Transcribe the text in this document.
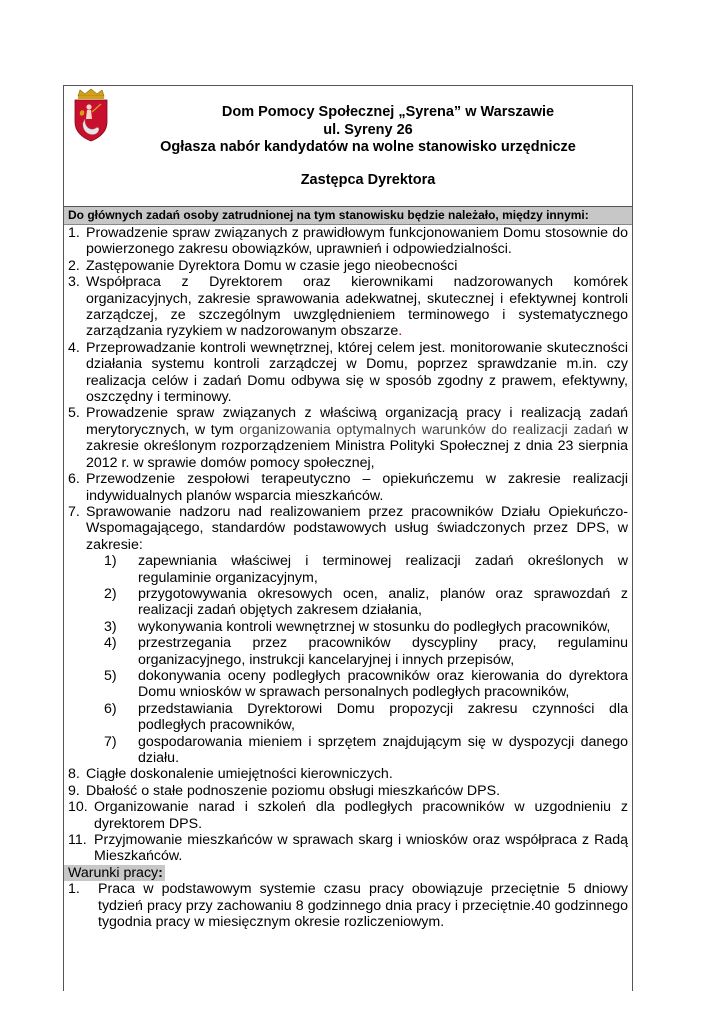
Dom Pomocy Społecznej „Syrena” w Warszawie
ul. Syreny 26
Ogłasza nabór kandydatów na wolne stanowisko urzędnicze
Zastępca Dyrektora
Do głównych zadań osoby zatrudnionej na tym stanowisku będzie należało, między innymi:
1. Prowadzenie spraw związanych z prawidłowym funkcjonowaniem Domu stosownie do powierzonego zakresu obowiązków, uprawnień i odpowiedzialności.
2. Zastępowanie Dyrektora Domu w czasie jego nieobecności
3. Współpraca z Dyrektorem oraz kierownikami nadzorowanych komórek organizacyjnych, zakresie sprawowania adekwatnej, skutecznej i efektywnej kontroli zarządczej, ze szczególnym uwzględnieniem terminowego i systematycznego zarządzania ryzykiem w nadzorowanym obszarze.
4. Przeprowadzanie kontroli wewnętrznej, której celem jest. monitorowanie skuteczności działania systemu kontroli zarządczej w Domu, poprzez sprawdzanie m.in. czy realizacja celów i zadań Domu odbywa się w sposób zgodny z prawem, efektywny, oszczędny i terminowy.
5. Prowadzenie spraw związanych z właściwą organizacją pracy i realizacją zadań merytorycznych, w tym organizowania optymalnych warunków do realizacji zadań w zakresie określonym rozporządzeniem Ministra Polityki Społecznej z dnia 23 sierpnia 2012 r. w sprawie domów pomocy społecznej,
6. Przewodzenie zespołowi terapeutyczno – opiekuńczemu w zakresie realizacji indywidualnych planów wsparcia mieszkańców.
7. Sprawowanie nadzoru nad realizowaniem przez pracowników Działu Opiekuńczo-Wspomagającego, standardów podstawowych usług świadczonych przez DPS, w zakresie:
1)	zapewniania właściwej i terminowej realizacji zadań określonych w regulaminie organizacyjnym,
2)	przygotowywania okresowych ocen, analiz, planów oraz sprawozdań z realizacji zadań objętych zakresem działania,
3)	wykonywania kontroli wewnętrznej w stosunku do podległych pracowników,
4)	przestrzegania przez pracowników dyscypliny pracy, regulaminu organizacyjnego, instrukcji kancelaryjnej i innych przepisów,
5)	dokonywania oceny podległych pracowników oraz kierowania do dyrektora Domu wniosków w sprawach personalnych podległych pracowników,
6)	przedstawiania Dyrektorowi Domu propozycji zakresu czynności dla podległych pracowników,
7)	gospodarowania mieniem i sprzętem znajdującym się w dyspozycji danego działu.
8. Ciągłe doskonalenie umiejętności kierowniczych.
9. Dbałość o stałe podnoszenie poziomu obsługi mieszkańców DPS.
10. Organizowanie narad i szkoleń dla podległych pracowników w uzgodnieniu z dyrektorem DPS.
11. Przyjmowanie mieszkańców w sprawach skarg i wniosków oraz współpraca z Radą Mieszkańców.
Warunki pracy:
1.	Praca w podstawowym systemie czasu pracy obowiązuje przeciętnie 5 dniowy tydzień pracy przy zachowaniu 8 godzinnego dnia pracy i przeciętnie.40 godzinnego tygodnia pracy w miesięcznym okresie rozliczeniowym.
